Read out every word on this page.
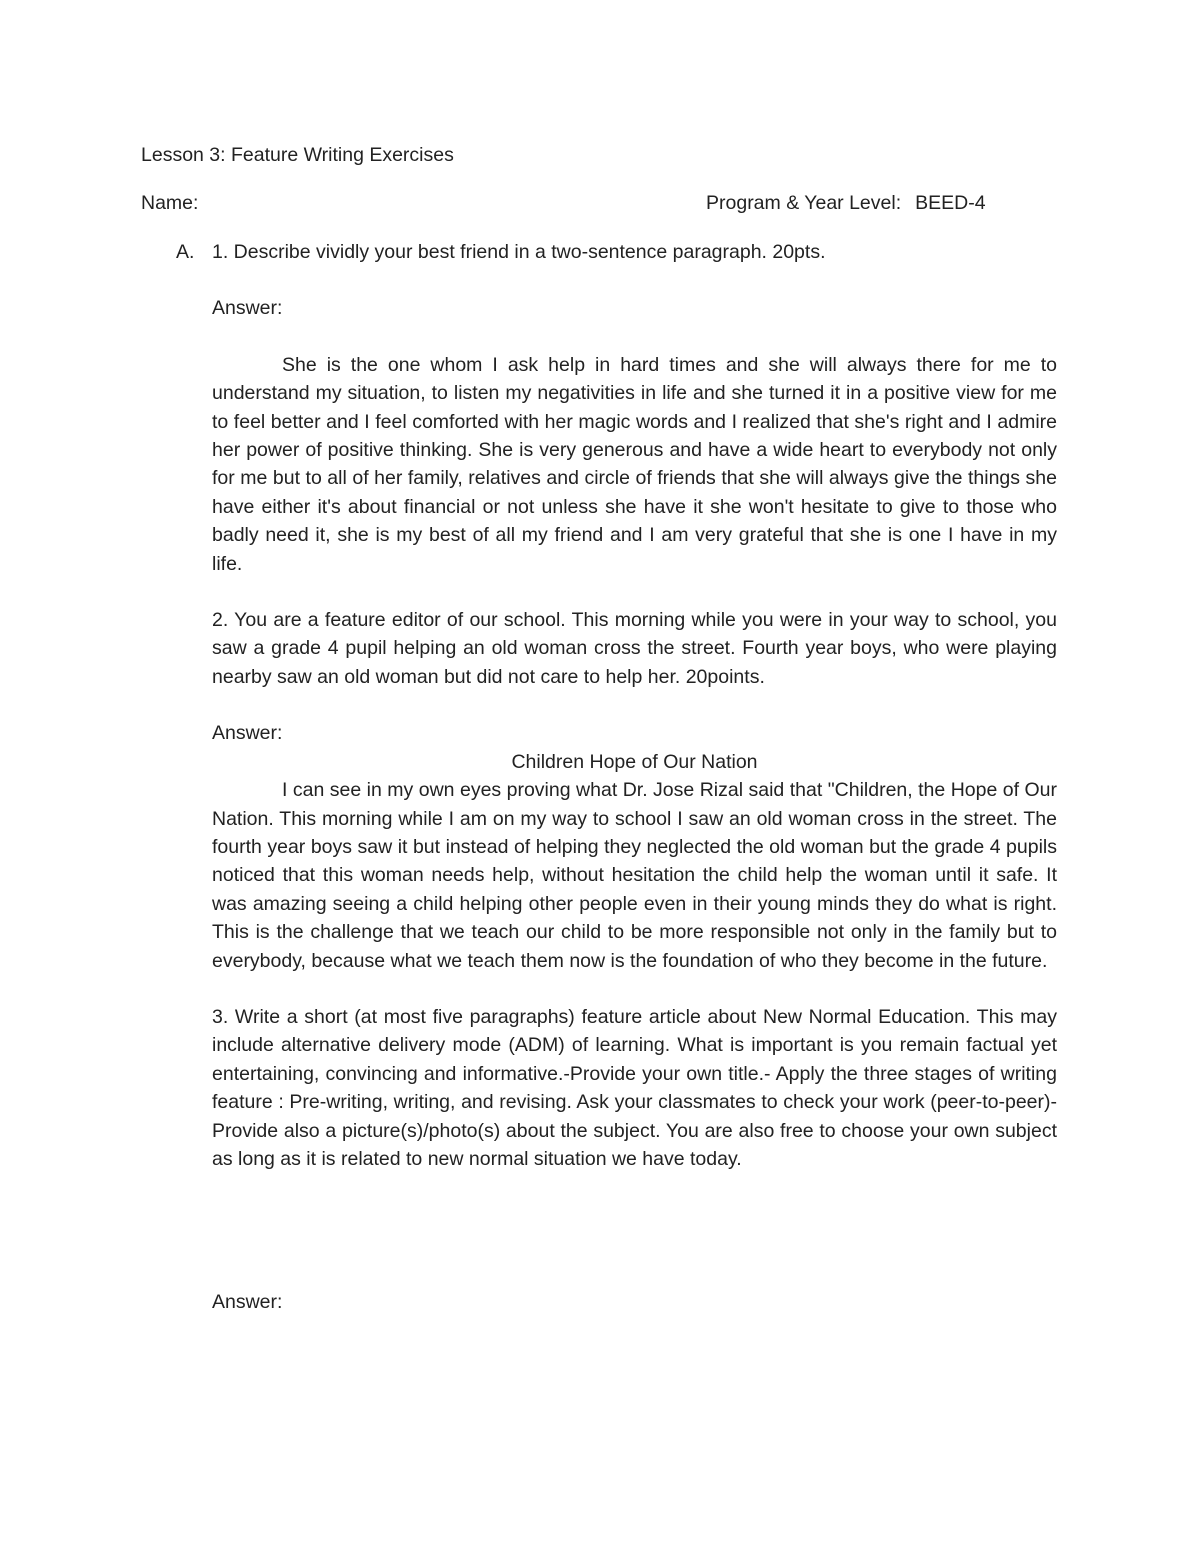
Lesson 3: Feature Writing Exercises
Name:	Program & Year Level: BEED-4
A. 1. Describe vividly your best friend in a two-sentence paragraph. 20pts.

Answer:

She is the one whom I ask help in hard times and she will always there for me to understand my situation, to listen my negativities in life and she turned it in a positive view for me to feel better and I feel comforted with her magic words and I realized that she's right and I admire her power of positive thinking. She is very generous and have a wide heart to everybody not only for me but to all of her family, relatives and circle of friends that she will always give the things she have either it's about financial or not unless she have it she won't hesitate to give to those who badly need it, she is my best of all my friend and I am very grateful that she is one I have in my life.

2. You are a feature editor of our school. This morning while you were in your way to school, you saw a grade 4 pupil helping an old woman cross the street. Fourth year boys, who were playing nearby saw an old woman but did not care to help her. 20points.

Answer:

Children Hope of Our Nation

I can see in my own eyes proving what Dr. Jose Rizal said that "Children, the Hope of Our Nation. This morning while I am on my way to school I saw an old woman cross in the street. The fourth year boys saw it but instead of helping they neglected the old woman but the grade 4 pupils noticed that this woman needs help, without hesitation the child help the woman until it safe. It was amazing seeing a child helping other people even in their young minds they do what is right. This is the challenge that we teach our child to be more responsible not only in the family but to everybody, because what we teach them now is the foundation of who they become in the future.

3. Write a short (at most five paragraphs) feature article about New Normal Education. This may include alternative delivery mode (ADM) of learning. What is important is you remain factual yet entertaining, convincing and informative.-Provide your own title.- Apply the three stages of writing feature : Pre-writing, writing, and revising. Ask your classmates to check your work (peer-to-peer)-Provide also a picture(s)/photo(s) about the subject. You are also free to choose your own subject as long as it is related to new normal situation we have today.

Answer:
